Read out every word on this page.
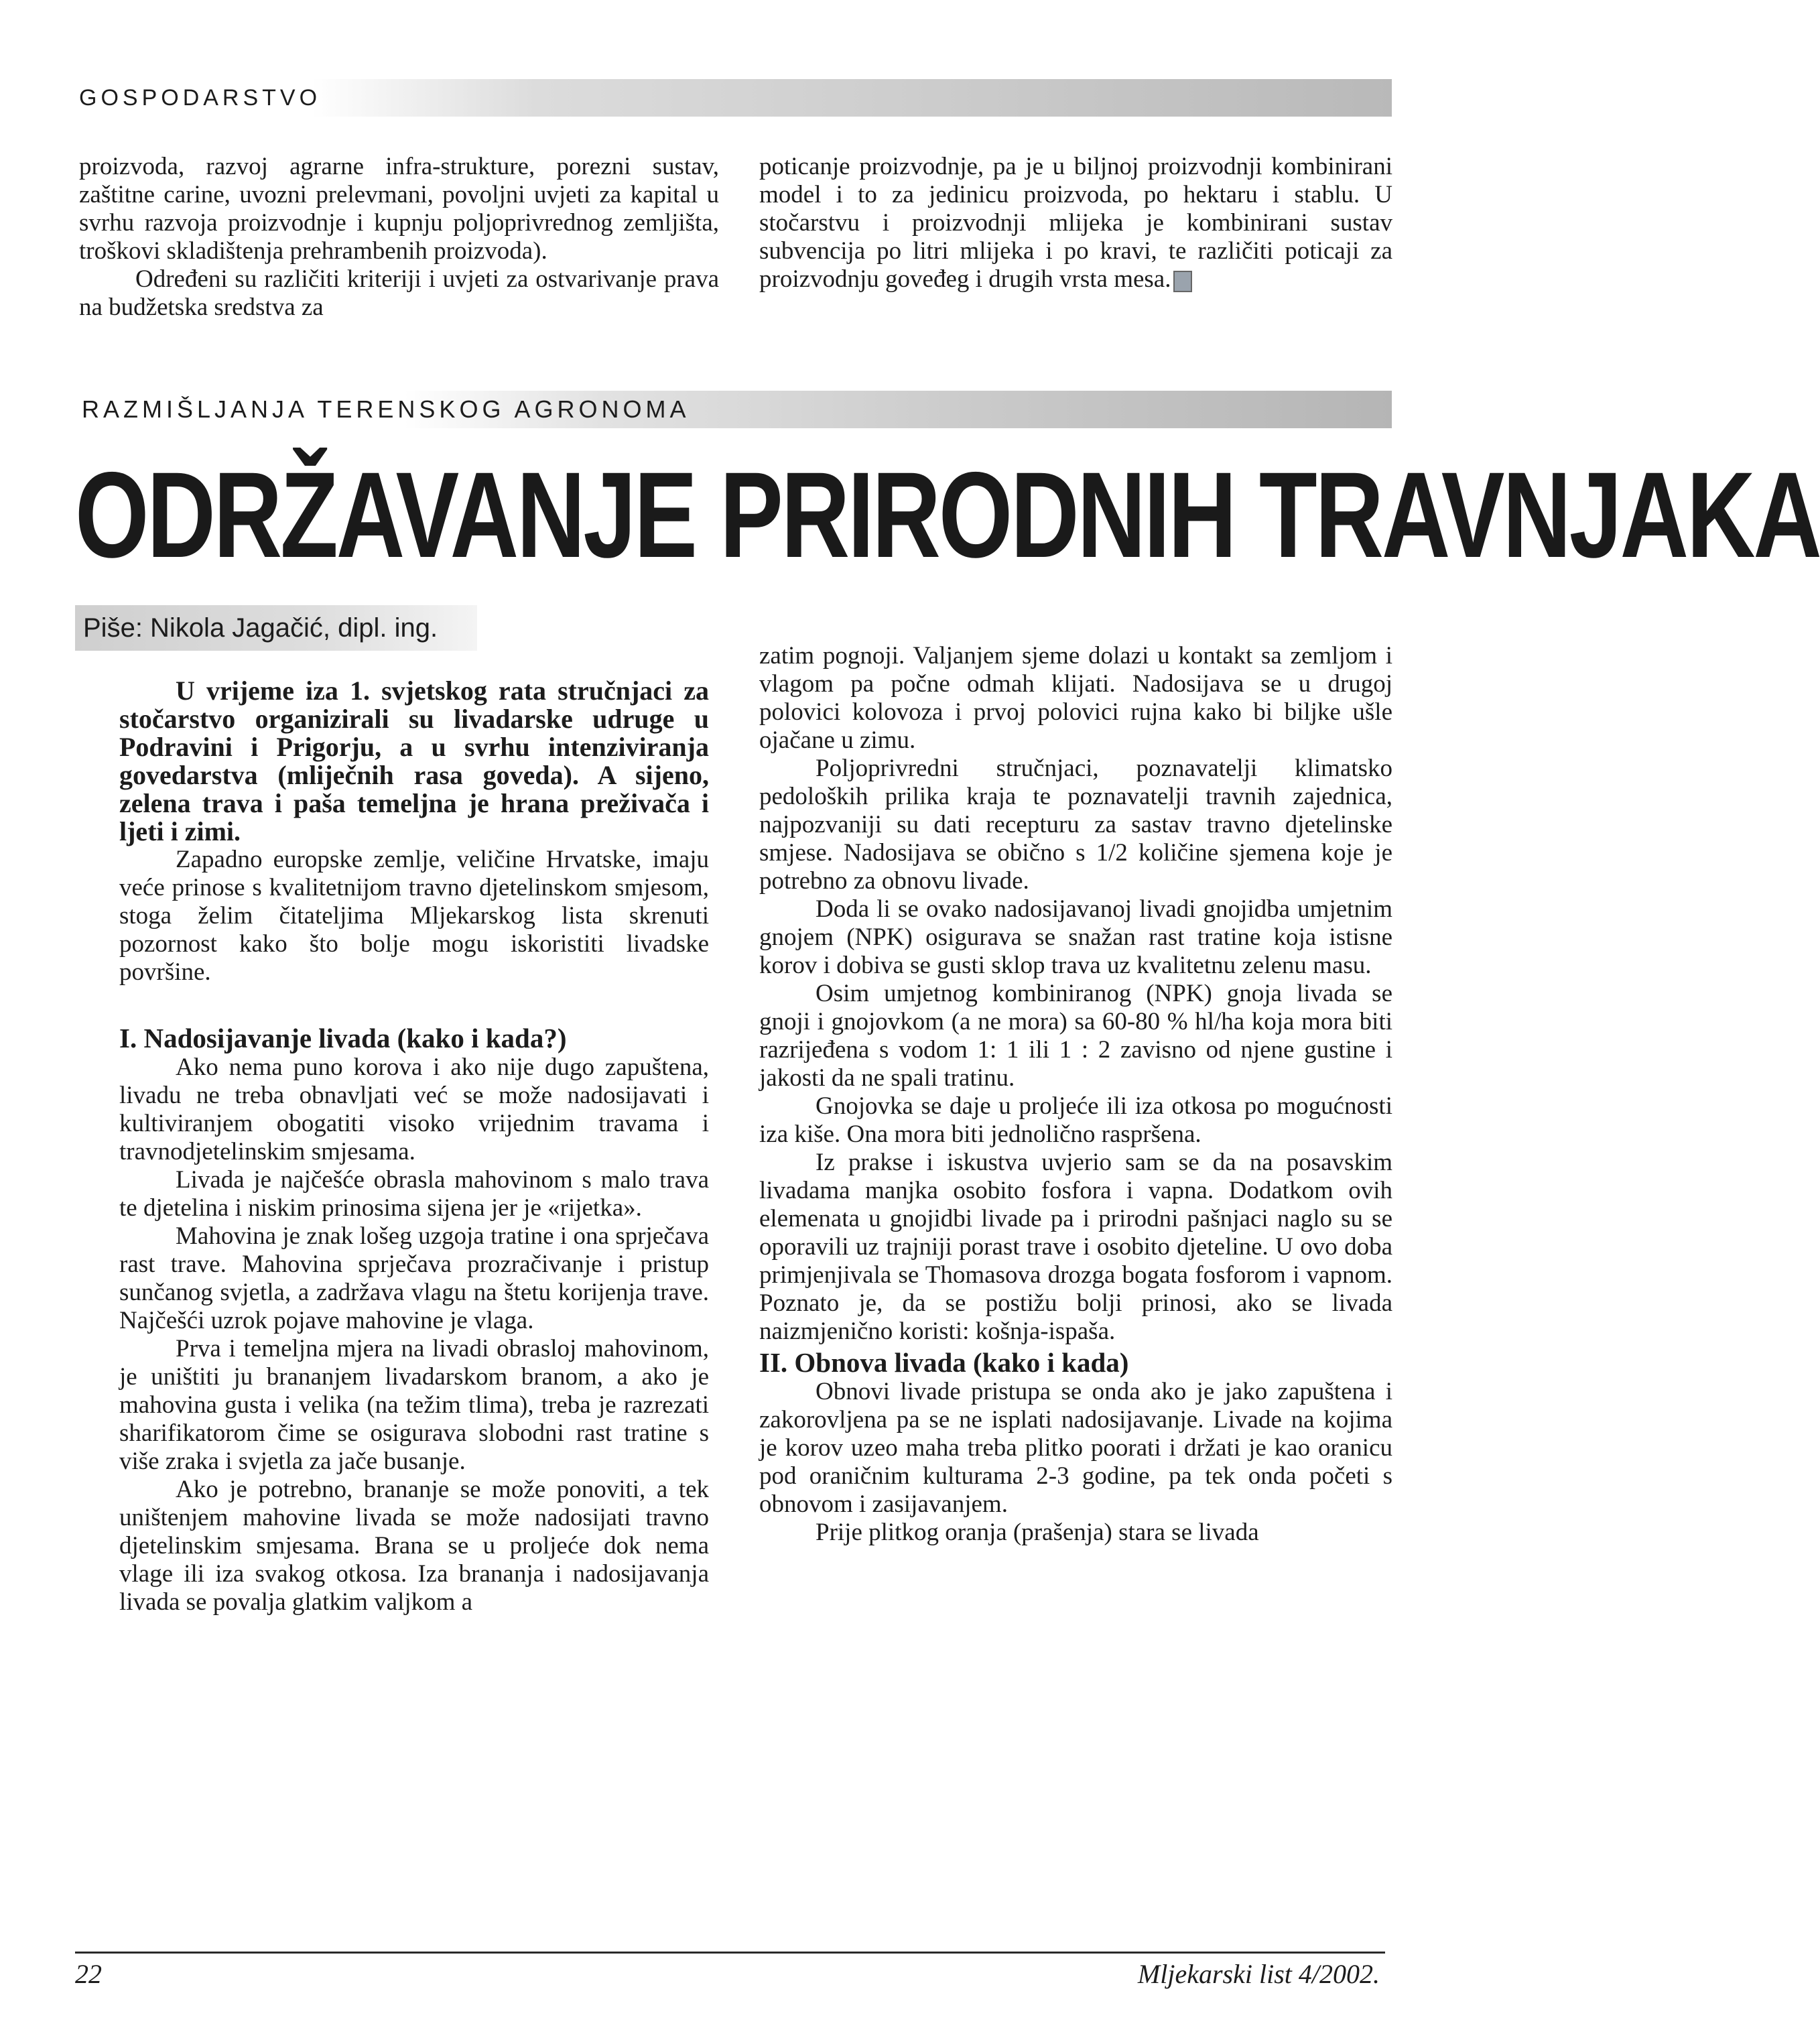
GOSPODARSTVO

proizvoda, razvoj agrarne infra-strukture, porezni sustav, zaštitne carine, uvozni prelevmani, povoljni uvjeti za kapital u svrhu razvoja proizvodnje i kupnju poljoprivrednog zemljišta, troškovi skladištenja prehrambenih proizvoda).

Određeni su različiti kriteriji i uvjeti za ostvarivanje prava na budžetska sredstva za

poticanje proizvodnje, pa je u biljnoj proizvodnji kombinirani model i to za jedinicu proizvoda, po hektaru i stablu. U stočarstvu i proizvodnji mlijeka je kombinirani sustav subvencija po litri mlijeka i po kravi, te različiti poticaji za proizvodnju goveđeg i drugih vrsta mesa.

RAZMIŠLJANJA TERENSKOG AGRONOMA
ODRŽAVANJE PRIRODNIH TRAVNJAKA
Piše: Nikola Jagačić, dipl. ing.

U vrijeme iza 1. svjetskog rata stručnjaci za stočarstvo organizirali su livadarske udruge u Podravini i Prigorju, a u svrhu intenziviranja govedarstva (mliječnih rasa goveda). A sijeno, zelena trava i paša temeljna je hrana preživača i ljeti i zimi.

Zapadno europske zemlje, veličine Hrvatske, imaju veće prinose s kvalitetnijom travno djetelinskom smjesom, stoga želim čitateljima Mljekarskog lista skrenuti pozornost kako što bolje mogu iskoristiti livadske površine.

I. Nadosijavanje livada (kako i kada?)

Ako nema puno korova i ako nije dugo zapuštena, livadu ne treba obnavljati već se može nadosijavati i kultiviranjem obogatiti visoko vrijednim travama i travnodjetelinskim smjesama.

Livada je najčešće obrasla mahovinom s malo trava te djetelina i niskim prinosima sijena jer je «rijetka».

Mahovina je znak lošeg uzgoja tratine i ona sprječava rast trave. Mahovina sprječava prozračivanje i pristup sunčanog svjetla, a zadržava vlagu na štetu korijenja trave. Najčešći uzrok pojave mahovine je vlaga.

Prva i temeljna mjera na livadi obrasloj mahovinom, je uništiti ju brananjem livadarskom branom, a ako je mahovina gusta i velika (na težim tlima), treba je razrezati sharifikatorom čime se osigurava slobodni rast tratine s više zraka i svjetla za jače busanje.

Ako je potrebno, brananje se može ponoviti, a tek uništenjem mahovine livada se može nadosijati travno djetelinskim smjesama. Brana se u proljeće dok nema vlage ili iza svakog otkosa. Iza brananja i nadosijavanja livada se povalja glatkim valjkom a

zatim pognoji. Valjanjem sjeme dolazi u kontakt sa zemljom i vlagom pa počne odmah klijati. Nadosijava se u drugoj polovici kolovoza i prvoj polovici rujna kako bi biljke ušle ojačane u zimu.

Poljoprivredni stručnjaci, poznavatelji klimatsko pedoloških prilika kraja te poznavatelji travnih zajednica, najpozvaniji su dati recepturu za sastav travno djetelinske smjese. Nadosijava se obično s 1/2 količine sjemena koje je potrebno za obnovu livade.

Doda li se ovako nadosijavanoj livadi gnojidba umjetnim gnojem (NPK) osigurava se snažan rast tratine koja istisne korov i dobiva se gusti sklop trava uz kvalitetnu zelenu masu.

Osim umjetnog kombiniranog (NPK) gnoja livada se gnoji i gnojovkom (a ne mora) sa 60-80 % hl/ha koja mora biti razrijeđena s vodom 1: 1 ili 1 : 2 zavisno od njene gustine i jakosti da ne spali tratinu.

Gnojovka se daje u proljeće ili iza otkosa po mogućnosti iza kiše. Ona mora biti jednolično raspršena.

Iz prakse i iskustva uvjerio sam se da na posavskim livadama manjka osobito fosfora i vapna. Dodatkom ovih elemenata u gnojidbi livade pa i prirodni pašnjaci naglo su se oporavili uz trajniji porast trave i osobito djeteline. U ovo doba primjenjivala se Thomasova drozga bogata fosforom i vapnom. Poznato je, da se postižu bolji prinosi, ako se livada naizmjenično koristi: košnja-ispaša.

II. Obnova livada (kako i kada)

Obnovi livade pristupa se onda ako je jako zapuštena i zakorovljena pa se ne isplati nadosijavanje. Livade na kojima je korov uzeo maha treba plitko poorati i držati je kao oranicu pod oraničnim kulturama 2-3 godine, pa tek onda početi s obnovom i zasijavanjem.

Prije plitkog oranja (prašenja) stara se livada

22	Mljekarski list 4/2002.
